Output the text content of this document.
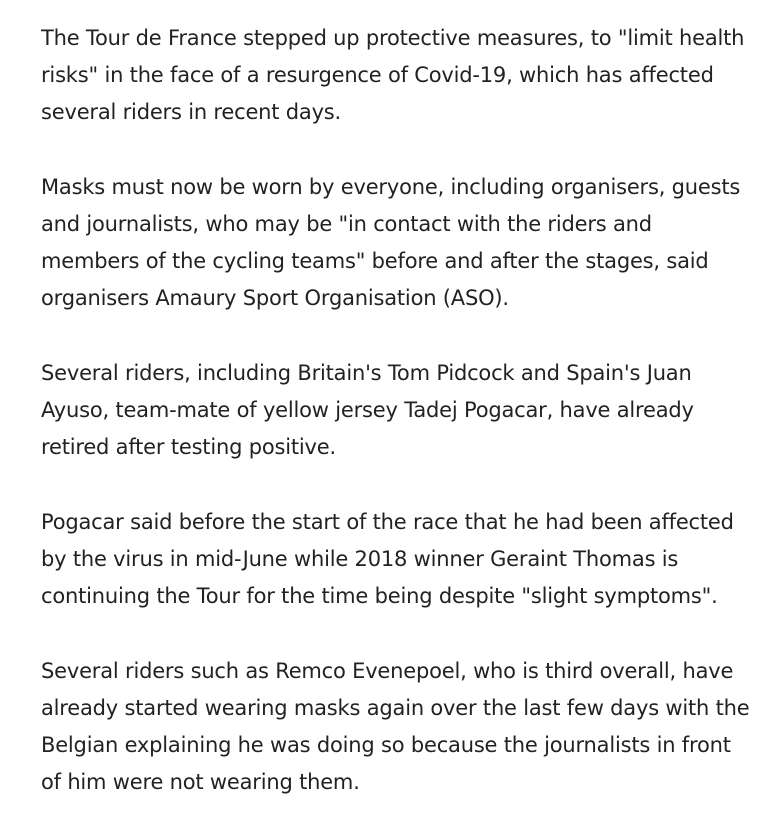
The Tour de France stepped up protective measures, to "limit health
risks" in the face of a resurgence of Covid-19, which has affected
several riders in recent days.

Masks must now be worn by everyone, including organisers, guests
and journalists, who may be "in contact with the riders and
members of the cycling teams" before and after the stages, said
organisers Amaury Sport Organisation (ASO).

Several riders, including Britain's Tom Pidcock and Spain's Juan
Ayuso, team-mate of yellow jersey Tadej Pogacar, have already
retired after testing positive.

Pogacar said before the start of the race that he had been affected
by the virus in mid-June while 2018 winner Geraint Thomas is
continuing the Tour for the time being despite "slight symptoms".

Several riders such as Remco Evenepoel, who is third overall, have
already started wearing masks again over the last few days with the
Belgian explaining he was doing so because the journalists in front
of him were not wearing them.
